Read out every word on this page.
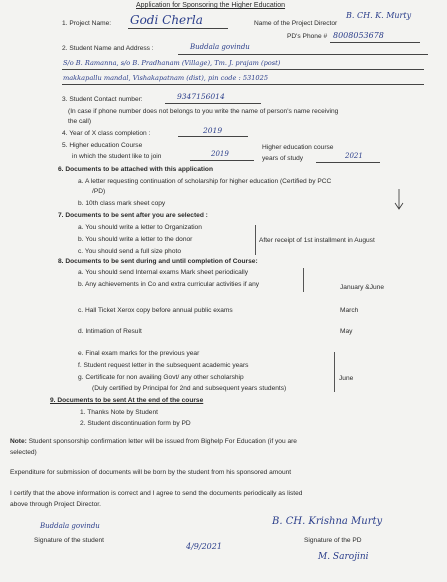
Application for Sponsoring the Higher Education
1. Project Name: Godi Cherla	Name of the Project Director
B. CH. K. Murty
PD's Phone # 8008053678
2. Student Name and Address :	Buddala govindu
S/o B. Ramanna, s/o B. Pradhanam (Village), Tm. J. prajam (post)
makkapallu mandal, Vishakapatnam (dist), pin code : 531025
3. Student Contact number:	9347156014
(In case if phone number does not belongs to you write the name of person's name receiving
the call)
4. Year of X class completion :	2019
5. Higher education Course
in which the student like to join	2019
Higher education course
years of study	2021
6. Documents to be attached with this application
a. A letter requesting continuation of scholarship for higher education (Certified by PCC
/PD)
b. 10th class mark sheet copy
7. Documents to be sent after you are selected :
a. You should write a letter to Organization
b. You should write a letter to the donor
c. You should send a full size photo
After receipt of 1st installment in August
8. Documents to be sent during and until completion of Course:
a. You should send Internal exams Mark sheet periodically
b. Any achievements in Co and extra curricular activities if any	January &June
c. Hall Ticket Xerox copy before annual public exams	March
d. Intimation of Result	May
e. Final exam marks for the previous year
f. Student request letter in the subsequent academic years
g. Certificate for non availing Govt/ any other scholarship
(Duly certified by Principal for 2nd and subsequent years students)
June
9. Documents to be sent At the end of the course
1. Thanks Note by Student
2. Student discontinuation form by PD
Note: Student sponsorship confirmation letter will be issued from Bighelp For Education (if you are
selected)
Expenditure for submission of documents will be born by the student from his sponsored amount
I certify that the above information is correct and I agree to send the documents periodically as listed
above through Project Director.
Buddala govindu
Signature of the student
4/9/2021
B. CH. Krishna Murty
Signature of the PD
M. Sarojini
